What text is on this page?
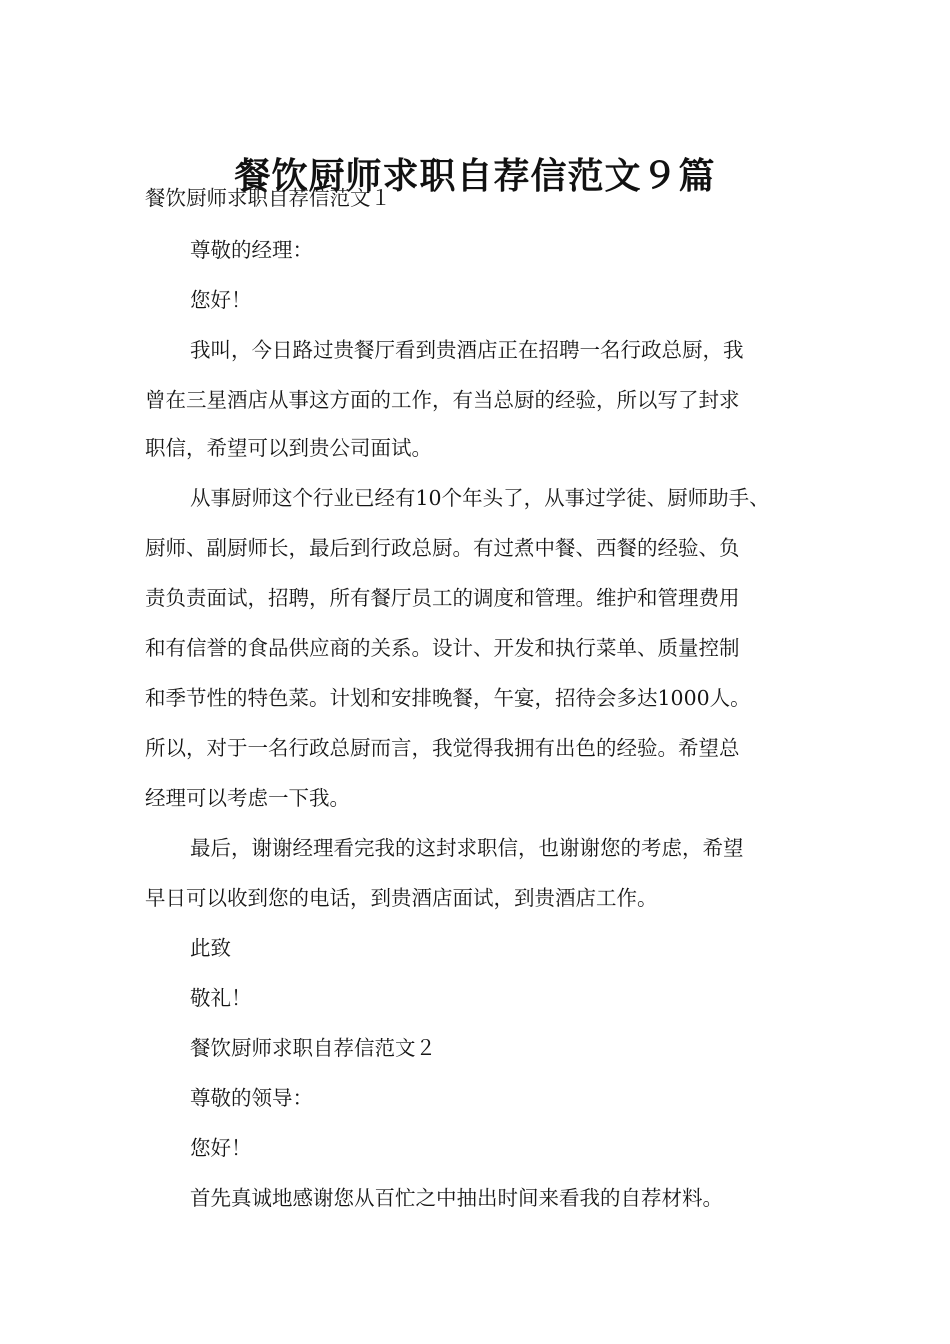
餐饮厨师求职自荐信范文９篇
餐饮厨师求职自荐信范文１
尊敬的经理：
您好！
我叫，今日路过贵餐厅看到贵酒店正在招聘一名行政总厨，我
曾在三星酒店从事这方面的工作，有当总厨的经验，所以写了封求
职信，希望可以到贵公司面试。
从事厨师这个行业已经有10个年头了，从事过学徒、厨师助手、
厨师、副厨师长，最后到行政总厨。有过煮中餐、西餐的经验、负
责负责面试，招聘，所有餐厅员工的调度和管理。维护和管理费用
和有信誉的食品供应商的关系。设计、开发和执行菜单、质量控制
和季节性的特色菜。计划和安排晚餐，午宴，招待会多达1000人。
所以，对于一名行政总厨而言，我觉得我拥有出色的经验。希望总
经理可以考虑一下我。
最后，谢谢经理看完我的这封求职信，也谢谢您的考虑，希望
早日可以收到您的电话，到贵酒店面试，到贵酒店工作。
此致
敬礼！
餐饮厨师求职自荐信范文２
尊敬的领导：
您好！
首先真诚地感谢您从百忙之中抽出时间来看我的自荐材料。
